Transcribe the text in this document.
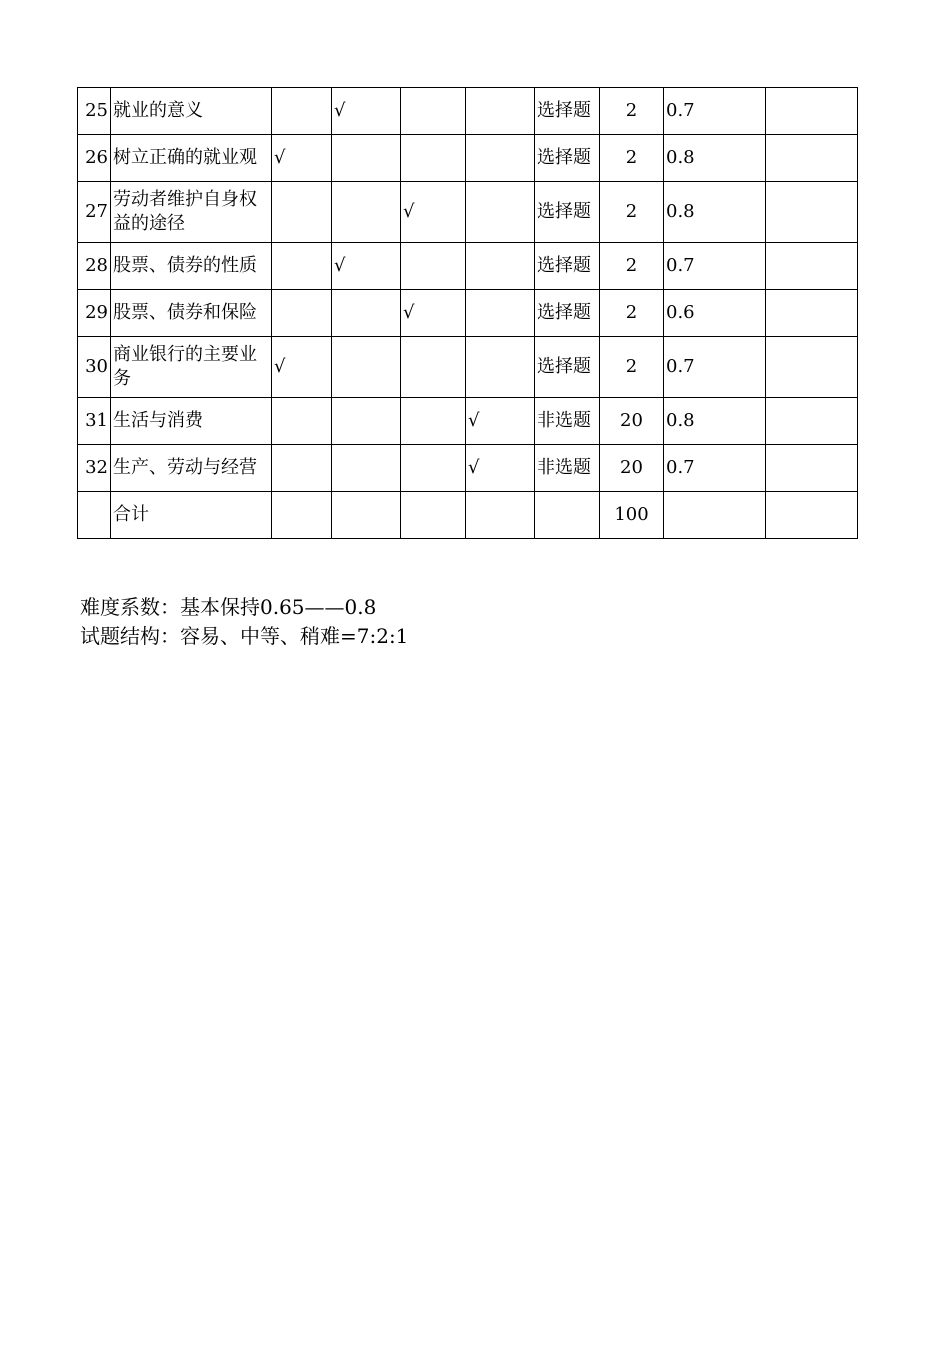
25	就业的意义		√			选择题	2	0.7	
26	树立正确的就业观	√				选择题	2	0.8	
27	劳动者维护自身权益的途径			√		选择题	2	0.8	
28	股票、债券的性质		√			选择题	2	0.7	
29	股票、债券和保险			√		选择题	2	0.6	
30	商业银行的主要业务	√				选择题	2	0.7	
31	生活与消费				√	非选题	20	0.8	
32	生产、劳动与经营				√	非选题	20	0.7	
	合计						100		
难度系数：基本保持0.65——0.8
试题结构：容易、中等、稍难=7:2:1
